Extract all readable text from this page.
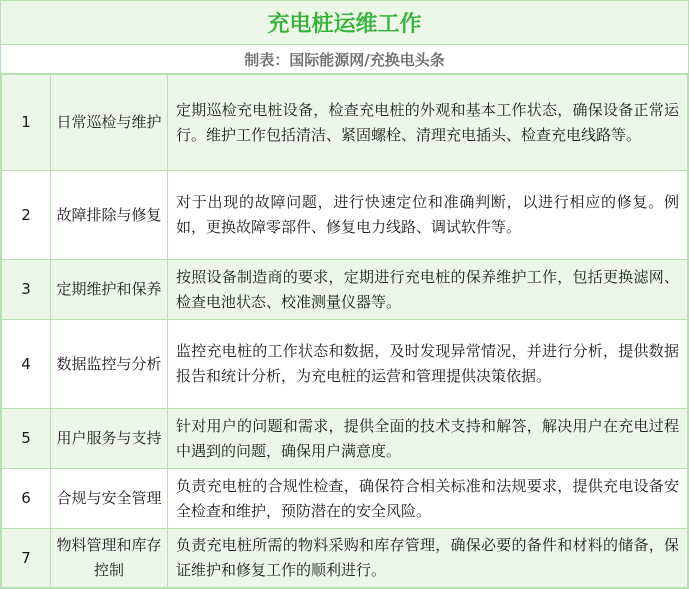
充电桩运维工作
制表：国际能源网/充换电头条
1	日常巡检与维护	定期巡检充电桩设备，检查充电桩的外观和基本工作状态，确保设备正常运行。维护工作包括清洁、紧固螺栓、清理充电插头、检查充电线路等。
2	故障排除与修复	对于出现的故障问题，进行快速定位和准确判断，以进行相应的修复。例如，更换故障零部件、修复电力线路、调试软件等。
3	定期维护和保养	按照设备制造商的要求，定期进行充电桩的保养维护工作，包括更换滤网、检查电池状态、校准测量仪器等。
4	数据监控与分析	监控充电桩的工作状态和数据，及时发现异常情况，并进行分析，提供数据报告和统计分析，为充电桩的运营和管理提供决策依据。
5	用户服务与支持	针对用户的问题和需求，提供全面的技术支持和解答，解决用户在充电过程中遇到的问题，确保用户满意度。
6	合规与安全管理	负责充电桩的合规性检查，确保符合相关标准和法规要求，提供充电设备安全检查和维护，预防潜在的安全风险。
7	物料管理和库存控制	负责充电桩所需的物料采购和库存管理，确保必要的备件和材料的储备，保证维护和修复工作的顺利进行。
